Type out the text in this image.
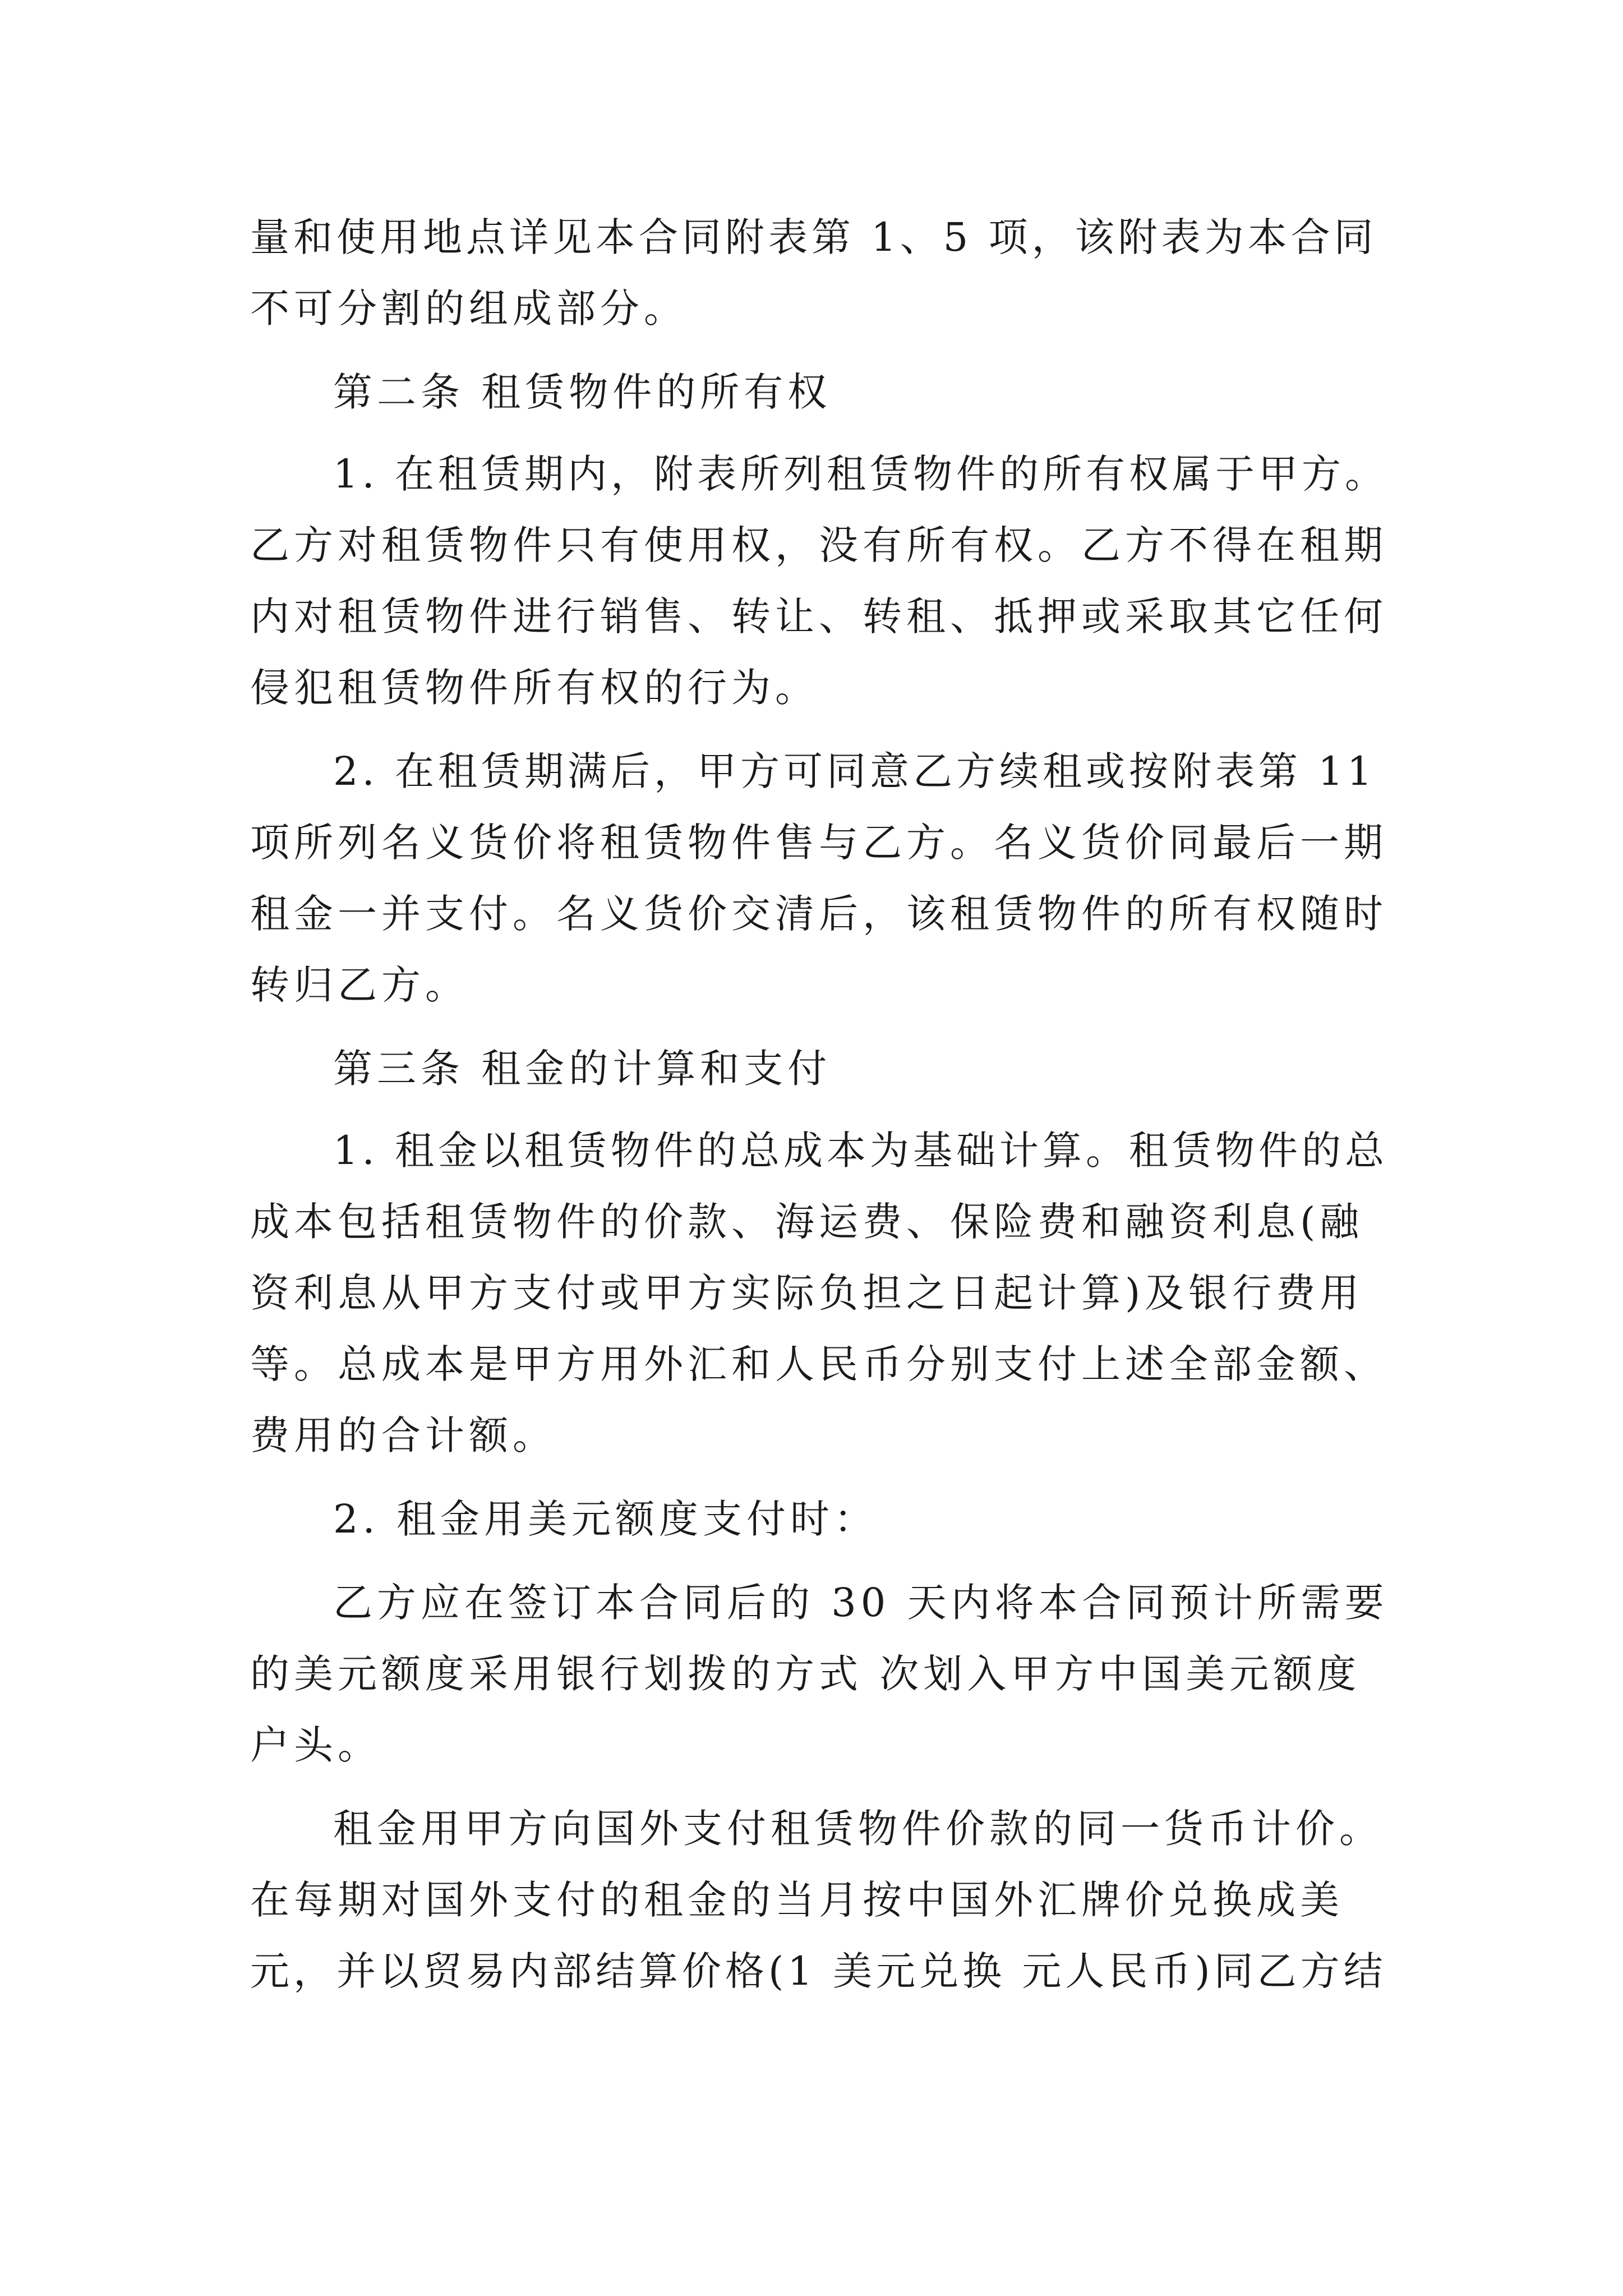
量和使用地点详见本合同附表第 1、5 项，该附表为本合同
不可分割的组成部分。
第二条 租赁物件的所有权
1. 在租赁期内，附表所列租赁物件的所有权属于甲方。
乙方对租赁物件只有使用权，没有所有权。乙方不得在租期
内对租赁物件进行销售、转让、转租、抵押或采取其它任何
侵犯租赁物件所有权的行为。
2. 在租赁期满后，甲方可同意乙方续租或按附表第 11
项所列名义货价将租赁物件售与乙方。名义货价同最后一期
租金一并支付。名义货价交清后，该租赁物件的所有权随时
转归乙方。
第三条 租金的计算和支付
1. 租金以租赁物件的总成本为基础计算。租赁物件的总
成本包括租赁物件的价款、海运费、保险费和融资利息(融
资利息从甲方支付或甲方实际负担之日起计算)及银行费用
等。总成本是甲方用外汇和人民币分别支付上述全部金额、
费用的合计额。
2. 租金用美元额度支付时：
乙方应在签订本合同后的 30 天内将本合同预计所需要
的美元额度采用银行划拨的方式 次划入甲方中国美元额度
户头。
租金用甲方向国外支付租赁物件价款的同一货币计价。
在每期对国外支付的租金的当月按中国外汇牌价兑换成美
元，并以贸易内部结算价格(1 美元兑换 元人民币)同乙方结
